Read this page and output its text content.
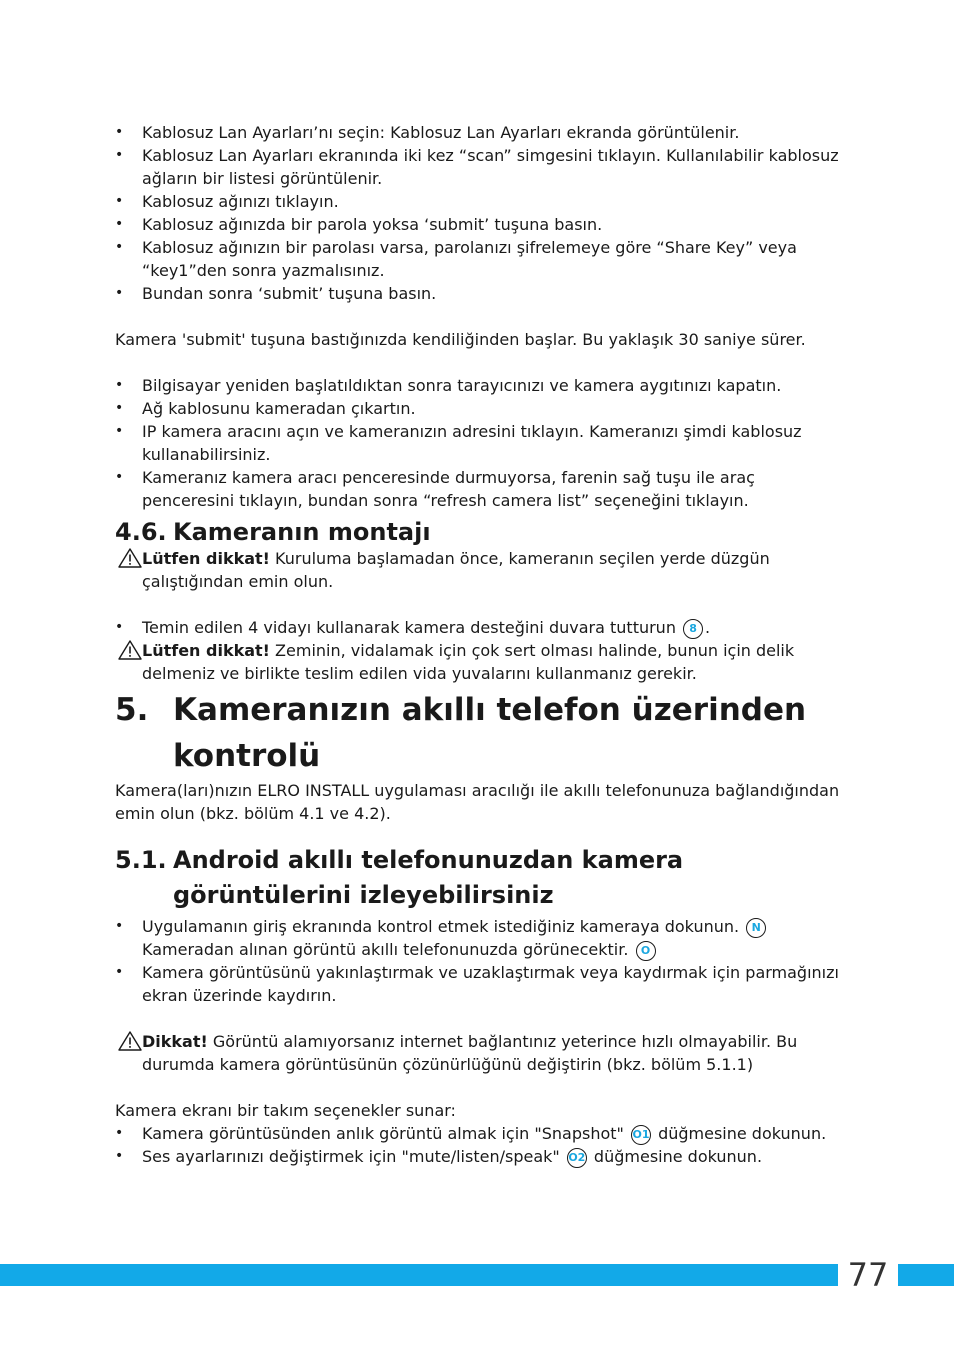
• Kablosuz Lan Ayarları’nı seçin: Kablosuz Lan Ayarları ekranda görüntülenir.
• Kablosuz Lan Ayarları ekranında iki kez “scan” simgesini tıklayın. Kullanılabilir kablosuz ağların bir listesi görüntülenir.
• Kablosuz ağınızı tıklayın.
• Kablosuz ağınızda bir parola yoksa ‘submit’ tuşuna basın.
• Kablosuz ağınızın bir parolası varsa, parolanızı şifrelemeye göre “Share Key” veya “key1”den sonra yazmalısınız.
• Bundan sonra ‘submit’ tuşuna basın.
Kamera 'submit' tuşuna bastığınızda kendiliğinden başlar. Bu yaklaşık 30 saniye sürer.
• Bilgisayar yeniden başlatıldıktan sonra tarayıcınızı ve kamera aygıtınızı kapatın.
• Ağ kablosunu kameradan çıkartın.
• IP kamera aracını açın ve kameranızın adresini tıklayın. Kameranızı şimdi kablosuz kullanabilirsiniz.
• Kameranız kamera aracı penceresinde durmuyorsa, farenin sağ tuşu ile araç penceresini tıklayın, bundan sonra “refresh camera list” seçeneğini tıklayın.
4.6. Kameranın montajı
Lütfen dikkat! Kuruluma başlamadan önce, kameranın seçilen yerde düzgün çalıştığından emin olun.
• Temin edilen 4 vidayı kullanarak kamera desteğini duvara tutturun 8 .
Lütfen dikkat! Zeminin, vidalamak için çok sert olması halinde, bunun için delik delmeniz ve birlikte teslim edilen vida yuvalarını kullanmanız gerekir.
5. Kameranızın akıllı telefon üzerinden kontrolü
Kamera(ları)nızın ELRO INSTALL uygulaması aracılığı ile akıllı telefonunuza bağlandığından emin olun (bkz. bölüm 4.1 ve 4.2).
5.1. Android akıllı telefonunuzdan kamera görüntülerini izleyebilirsiniz
• Uygulamanın giriş ekranında kontrol etmek istediğiniz kameraya dokunun. N Kameradan alınan görüntü akıllı telefonunuzda görünecektir. O
• Kamera görüntüsünü yakınlaştırmak ve uzaklaştırmak veya kaydırmak için parmağınızı ekran üzerinde kaydırın.
Dikkat! Görüntü alamıyorsanız internet bağlantınız yeterince hızlı olmayabilir. Bu durumda kamera görüntüsünün çözünürlüğünü değiştirin (bkz. bölüm 5.1.1)
Kamera ekranı bir takım seçenekler sunar:
• Kamera görüntüsünden anlık görüntü almak için "Snapshot" O1 düğmesine dokunun.
• Ses ayarlarınızı değiştirmek için "mute/listen/speak" O2 düğmesine dokunun.
77
